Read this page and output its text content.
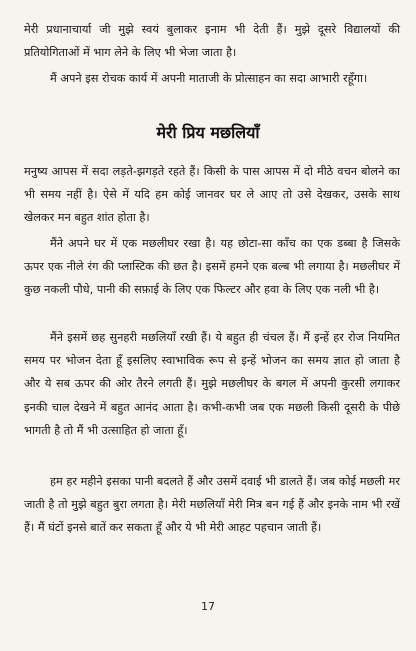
मेरी प्रधानाचार्या जी मुझे स्वयं बुलाकर इनाम भी देती हैं। मुझे दूसरे विद्यालयों की प्रतियोगिताओं में भाग लेने के लिए भी भेजा जाता है।

मैं अपने इस रोचक कार्य में अपनी माताजी के प्रोत्साहन का सदा आभारी रहूँगा।

मेरी प्रिय मछलियाँ

मनुष्य आपस में सदा लड़ते-झगड़ते रहते हैं। किसी के पास आपस में दो मीठे वचन बोलने का भी समय नहीं है। ऐसे में यदि हम कोई जानवर घर ले आए तो उसे देखकर, उसके साथ खेलकर मन बहुत शांत होता है।

मैंने अपने घर में एक मछलीघर रखा है। यह छोटा-सा काँच का एक डब्बा है जिसके ऊपर एक नीले रंग की प्लास्टिक की छत है। इसमें हमने एक बल्ब भी लगाया है। मछलीघर में कुछ नकली पौधे, पानी की सफ़ाई के लिए एक फिल्टर और हवा के लिए एक नली भी है।

मैंने इसमें छह सुनहरी मछलियाँ रखी हैं। ये बहुत ही चंचल हैं। मैं इन्हें हर रोज नियमित समय पर भोजन देता हूँ इसलिए स्वाभाविक रूप से इन्हें भोजन का समय ज्ञात हो जाता है और ये सब ऊपर की ओर तैरने लगती हैं। मुझे मछलीघर के बगल में अपनी कुरसी लगाकर इनकी चाल देखने में बहुत आनंद आता है। कभी-कभी जब एक मछली किसी दूसरी के पीछे भागती है तो मैं भी उत्साहित हो जाता हूँ।

हम हर महीने इसका पानी बदलते हैं और उसमें दवाई भी डालते हैं। जब कोई मछली मर जाती है तो मुझे बहुत बुरा लगता है। मेरी मछलियाँ मेरी मित्र बन गई हैं और इनके नाम भी रखें हैं। मैं घंटों इनसे बातें कर सकता हूँ और ये भी मेरी आहट पहचान जाती हैं।

17
